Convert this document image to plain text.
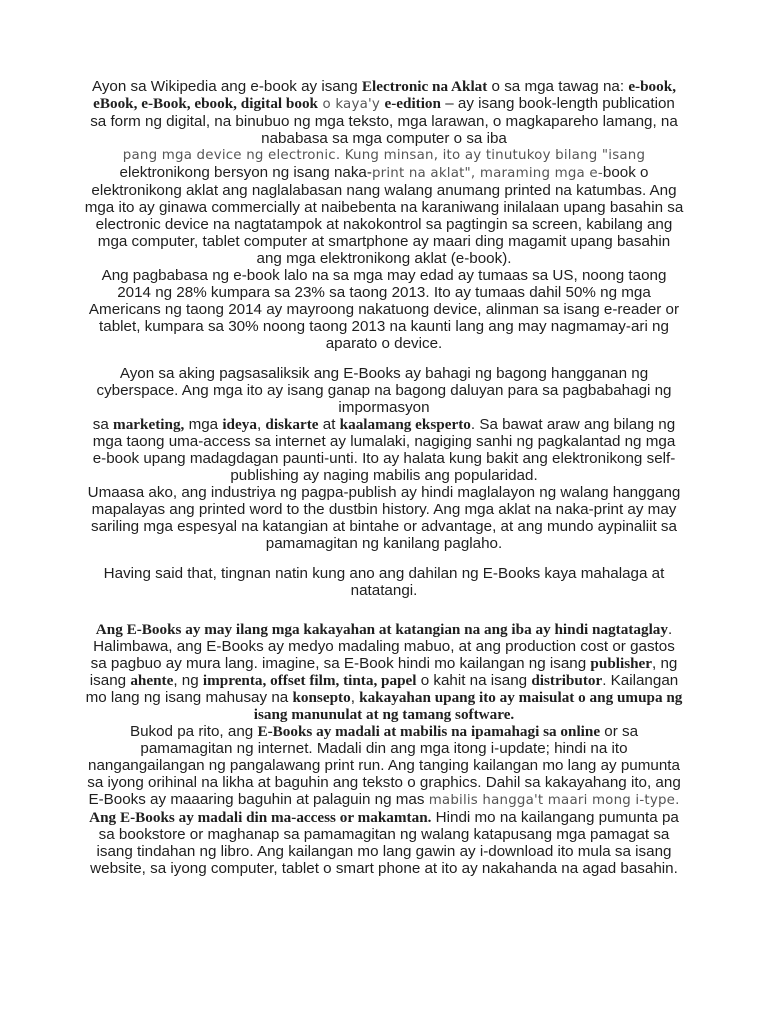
Ayon sa Wikipedia ang e-book ay isang Electronic na Aklat o sa mga tawag na: e-book, eBook, e-Book, ebook, digital book o kaya'y e-edition – ay isang book-length publication sa form ng digital, na binubuo ng mga teksto, mga larawan, o magkapareho lamang, na nababasa sa mga computer o sa iba
pang mga device ng electronic. Kung minsan, ito ay tinutukoy bilang "isang
elektronikong bersyon ng isang naka-print na aklat", maraming mga e-book o elektronikong aklat ang naglalabasan nang walang anumang printed na katumbas. Ang mga ito ay ginawa commercially at naibebenta na karaniwang inilalaan upang basahin sa electronic device na nagtatampok at nakokontrol sa pagtingin sa screen, kabilang ang mga computer, tablet computer at smartphone ay maari ding magamit upang basahin ang mga elektronikong aklat (e-book).

Ang pagbabasa ng e-book lalo na sa mga may edad ay tumaas sa US, noong taong 2014 ng 28% kumpara sa 23% sa taong 2013. Ito ay tumaas dahil 50% ng mga Americans ng taong 2014 ay mayroong nakatuong device, alinman sa isang e-reader or tablet, kumpara sa 30% noong taong 2013 na kaunti lang ang may nagmamay-ari ng aparato o device.

Ayon sa aking pagsasaliksik ang E-Books ay bahagi ng bagong hangganan ng cyberspace. Ang mga ito ay isang ganap na bagong daluyan para sa pagbabahagi ng impormasyon
sa marketing, mga ideya, diskarte at kaalamang eksperto. Sa bawat araw ang bilang ng mga taong uma-access sa internet ay lumalaki, nagiging sanhi ng pagkalantad ng mga e-book upang madagdagan paunti-unti. Ito ay halata kung bakit ang elektronikong self-publishing ay naging mabilis ang popularidad.

Umaasa ako, ang industriya ng pagpa-publish ay hindi maglalayon ng walang hanggang mapalayas ang printed word to the dustbin history. Ang mga aklat na naka-print ay may sariling mga espesyal na katangian at bintahe or advantage, at ang mundo aypinaliit sa pamamagitan ng kanilang paglaho.

Having said that, tingnan natin kung ano ang dahilan ng E-Books kaya mahalaga at natatangi.

Ang E-Books ay may ilang mga kakayahan at katangian na ang iba ay hindi nagtataglay. Halimbawa, ang E-Books ay medyo madaling mabuo, at ang production cost or gastos sa pagbuo ay mura lang. imagine, sa E-Book hindi mo kailangan ng isang publisher, ng isang ahente, ng imprenta, offset film, tinta, papel o kahit na isang distributor. Kailangan mo lang ng isang mahusay na konsepto, kakayahan upang ito ay maisulat o ang umupa ng isang manunulat at ng tamang software.

Bukod pa rito, ang E-Books ay madali at mabilis na ipamahagi sa online or sa pamamagitan ng internet. Madali din ang mga itong i-update; hindi na ito nangangailangan ng pangalawang print run. Ang tanging kailangan mo lang ay pumunta sa iyong orihinal na likha at baguhin ang teksto o graphics. Dahil sa kakayahang ito, ang E-Books ay maaaring baguhin at palaguin ng mas mabilis hangga't maari mong i-type.

Ang E-Books ay madali din ma-access or makamtan. Hindi mo na kailangang pumunta pa sa bookstore or maghanap sa pamamagitan ng walang katapusang mga pamagat sa isang tindahan ng libro. Ang kailangan mo lang gawin ay i-download ito mula sa isang website, sa iyong computer, tablet o smart phone at ito ay nakahanda na agad basahin.
